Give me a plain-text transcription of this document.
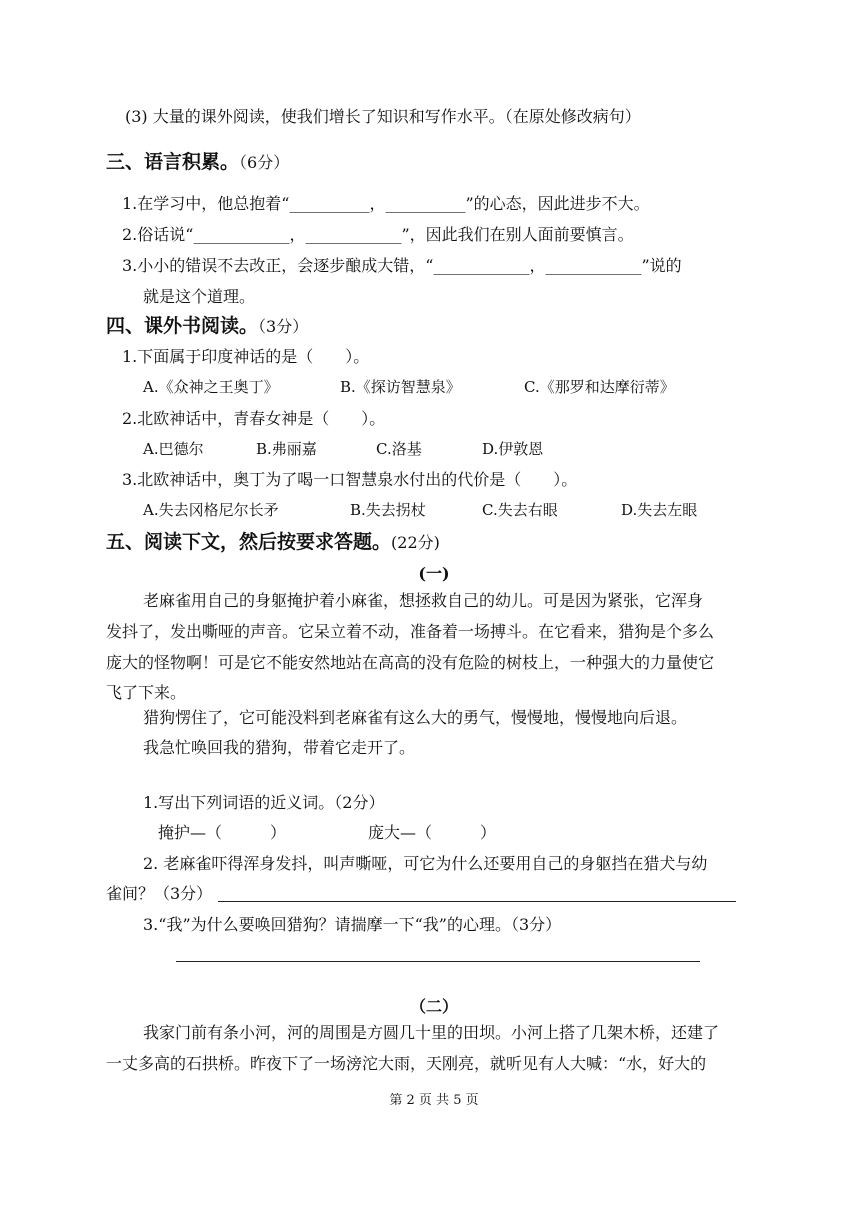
(3) 大量的课外阅读，使我们增长了知识和写作水平。（在原处修改病句）
三、语言积累。（6分）
1.在学习中，他总抱着“__________，__________”的心态，因此进步不大。
2.俗话说“____________，____________”，因此我们在别人面前要慎言。
3.小小的错误不去改正，会逐步酿成大错，“____________，____________”说的
就是这个道理。
四、课外书阅读。（3分）
1.下面属于印度神话的是（　　）。
A.《众神之王奥丁》	B.《探访智慧泉》	C.《那罗和达摩衍蒂》
2.北欧神话中，青春女神是（　　）。
A.巴德尔	B.弗丽嘉	C.洛基	D.伊敦恩
3.北欧神话中，奥丁为了喝一口智慧泉水付出的代价是（　　）。
A.失去冈格尼尔长矛	B.失去拐杖	C.失去右眼	D.失去左眼
五、阅读下文，然后按要求答题。(22分)
(一)
老麻雀用自己的身躯掩护着小麻雀，想拯救自己的幼儿。可是因为紧张，它浑身
发抖了，发出嘶哑的声音。它呆立着不动，准备着一场搏斗。在它看来，猎狗是个多么
庞大的怪物啊！可是它不能安然地站在高高的没有危险的树枝上，一种强大的力量使它
飞了下来。
猎狗愣住了，它可能没料到老麻雀有这么大的勇气，慢慢地，慢慢地向后退。
我急忙唤回我的猎狗，带着它走开了。
1.写出下列词语的近义词。（2分）
掩护—（　　　）	庞大—（　　　）
2. 老麻雀吓得浑身发抖，叫声嘶哑，可它为什么还要用自己的身躯挡在猎犬与幼
雀间？（3分）
3.“我”为什么要唤回猎狗？请揣摩一下“我”的心理。（3分）
（二）
我家门前有条小河，河的周围是方圆几十里的田坝。小河上搭了几架木桥，还建了
一丈多高的石拱桥。昨夜下了一场滂沱大雨，天刚亮，就听见有人大喊：“水，好大的
第 2 页 共 5 页
